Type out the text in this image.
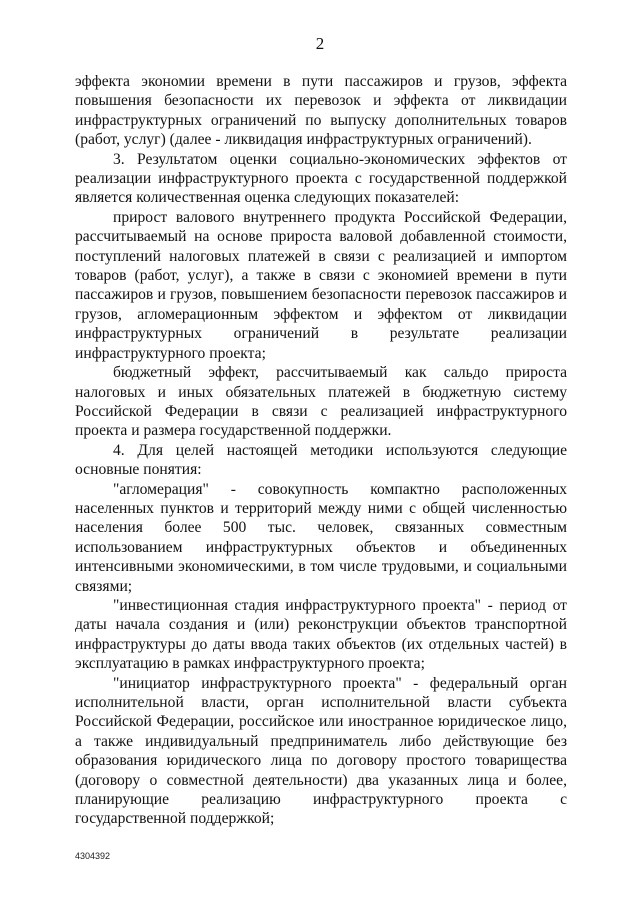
2

эффекта экономии времени в пути пассажиров и грузов, эффекта повышения безопасности их перевозок и эффекта от ликвидации инфраструктурных ограничений по выпуску дополнительных товаров (работ, услуг) (далее - ликвидация инфраструктурных ограничений).

3. Результатом оценки социально-экономических эффектов от реализации инфраструктурного проекта с государственной поддержкой является количественная оценка следующих показателей:

прирост валового внутреннего продукта Российской Федерации, рассчитываемый на основе прироста валовой добавленной стоимости, поступлений налоговых платежей в связи с реализацией и импортом товаров (работ, услуг), а также в связи с экономией времени в пути пассажиров и грузов, повышением безопасности перевозок пассажиров и грузов, агломерационным эффектом и эффектом от ликвидации инфраструктурных ограничений в результате реализации инфраструктурного проекта;

бюджетный эффект, рассчитываемый как сальдо прироста налоговых и иных обязательных платежей в бюджетную систему Российской Федерации в связи с реализацией инфраструктурного проекта и размера государственной поддержки.

4. Для целей настоящей методики используются следующие основные понятия:

"агломерация" - совокупность компактно расположенных населенных пунктов и территорий между ними с общей численностью населения более 500 тыс. человек, связанных совместным использованием инфраструктурных объектов и объединенных интенсивными экономическими, в том числе трудовыми, и социальными связями;

"инвестиционная стадия инфраструктурного проекта" - период от даты начала создания и (или) реконструкции объектов транспортной инфраструктуры до даты ввода таких объектов (их отдельных частей) в эксплуатацию в рамках инфраструктурного проекта;

"инициатор инфраструктурного проекта" - федеральный орган исполнительной власти, орган исполнительной власти субъекта Российской Федерации, российское или иностранное юридическое лицо, а также индивидуальный предприниматель либо действующие без образования юридического лица по договору простого товарищества (договору о совместной деятельности) два указанных лица и более, планирующие реализацию инфраструктурного проекта с государственной поддержкой;

4304392
